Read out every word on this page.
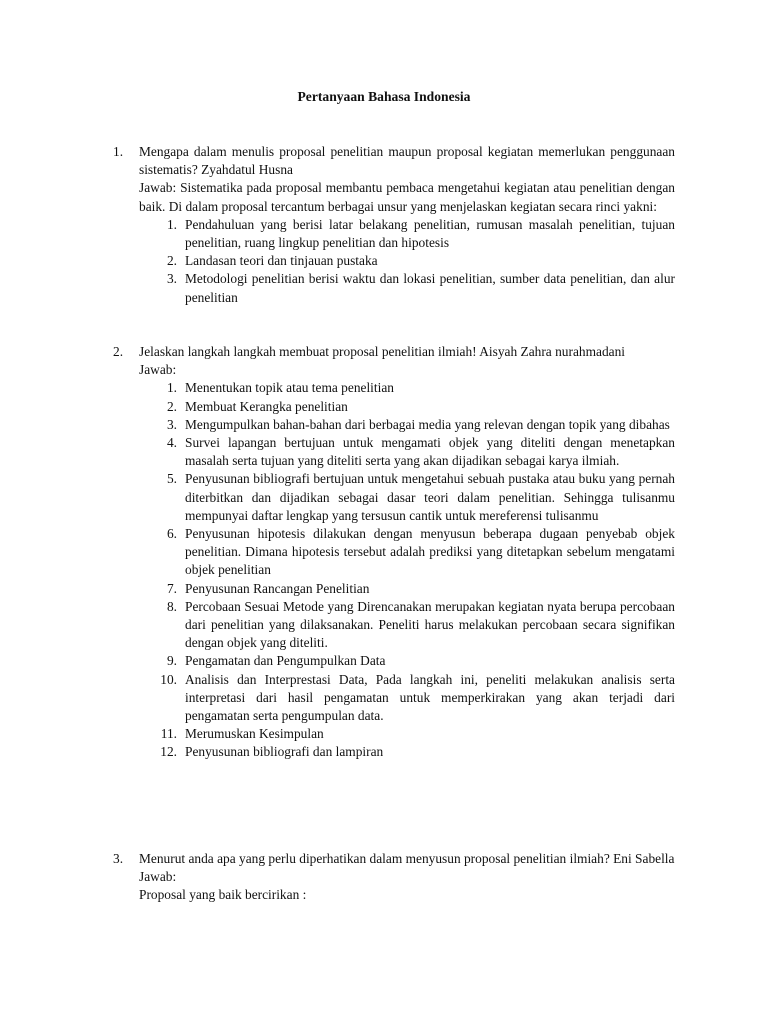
Pertanyaan Bahasa Indonesia
1. Mengapa dalam menulis proposal penelitian maupun proposal kegiatan memerlukan penggunaan sistematis? Zyahdatul Husna
Jawab: Sistematika pada proposal membantu pembaca mengetahui kegiatan atau penelitian dengan baik. Di dalam proposal tercantum berbagai unsur yang menjelaskan kegiatan secara rinci yakni:
1. Pendahuluan yang berisi latar belakang penelitian, rumusan masalah penelitian, tujuan penelitian, ruang lingkup penelitian dan hipotesis
2. Landasan teori dan tinjauan pustaka
3. Metodologi penelitian berisi waktu dan lokasi penelitian, sumber data penelitian, dan alur penelitian
2. Jelaskan langkah langkah membuat proposal penelitian ilmiah! Aisyah Zahra nurahmadani
Jawab:
1. Menentukan topik atau tema penelitian
2. Membuat Kerangka penelitian
3. Mengumpulkan bahan-bahan dari berbagai media yang relevan dengan topik yang dibahas
4. Survei lapangan bertujuan untuk mengamati objek yang diteliti dengan menetapkan masalah serta tujuan yang diteliti serta yang akan dijadikan sebagai karya ilmiah.
5. Penyusunan bibliografi bertujuan untuk mengetahui sebuah pustaka atau buku yang pernah diterbitkan dan dijadikan sebagai dasar teori dalam penelitian. Sehingga tulisanmu mempunyai daftar lengkap yang tersusun cantik untuk mereferensi tulisanmu
6. Penyusunan hipotesis dilakukan dengan menyusun beberapa dugaan penyebab objek penelitian. Dimana hipotesis tersebut adalah prediksi yang ditetapkan sebelum mengatami objek penelitian
7. Penyusunan Rancangan Penelitian
8. Percobaan Sesuai Metode yang Direncanakan merupakan kegiatan nyata berupa percobaan dari penelitian yang dilaksanakan. Peneliti harus melakukan percobaan secara signifikan dengan objek yang diteliti.
9. Pengamatan dan Pengumpulkan Data
10. Analisis dan Interprestasi Data, Pada langkah ini, peneliti melakukan analisis serta interpretasi dari hasil pengamatan untuk memperkirakan yang akan terjadi dari pengamatan serta pengumpulan data.
11. Merumuskan Kesimpulan
12. Penyusunan bibliografi dan lampiran
3. Menurut anda apa yang perlu diperhatikan dalam menyusun proposal penelitian ilmiah? Eni Sabella
Jawab:
Proposal yang baik bercirikan :
